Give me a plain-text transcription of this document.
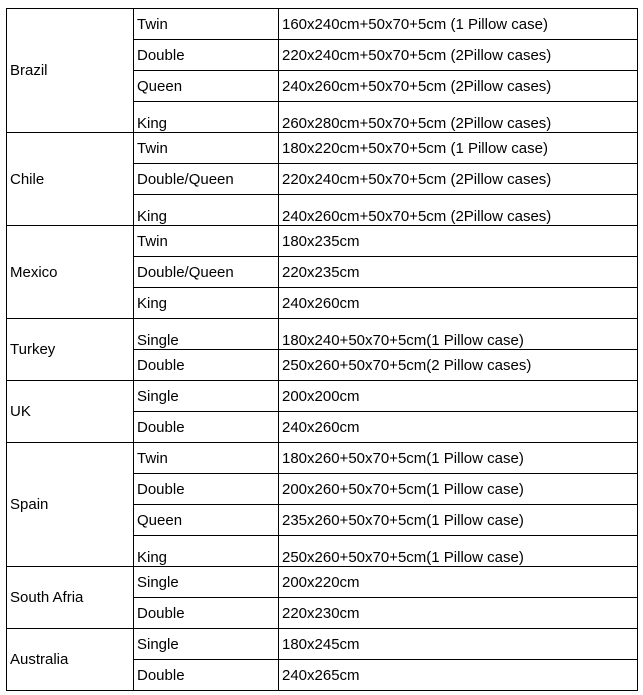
Brazil	Twin	160x240cm+50x70+5cm (1 Pillow case)
	Double	220x240cm+50x70+5cm (2Pillow cases)
	Queen	240x260cm+50x70+5cm (2Pillow cases)
	King	260x280cm+50x70+5cm (2Pillow cases)
Chile	Twin	180x220cm+50x70+5cm (1 Pillow case)
	Double/Queen	220x240cm+50x70+5cm (2Pillow cases)
	King	240x260cm+50x70+5cm (2Pillow cases)
Mexico	Twin	180x235cm
	Double/Queen	220x235cm
	King	240x260cm
Turkey	Single	180x240+50x70+5cm(1 Pillow case)
	Double	250x260+50x70+5cm(2 Pillow cases)
UK	Single	200x200cm
	Double	240x260cm
Spain	Twin	180x260+50x70+5cm(1 Pillow case)
	Double	200x260+50x70+5cm(1 Pillow case)
	Queen	235x260+50x70+5cm(1 Pillow case)
	King	250x260+50x70+5cm(1 Pillow case)
South Afria	Single	200x220cm
	Double	220x230cm
Australia	Single	180x245cm
	Double	240x265cm
